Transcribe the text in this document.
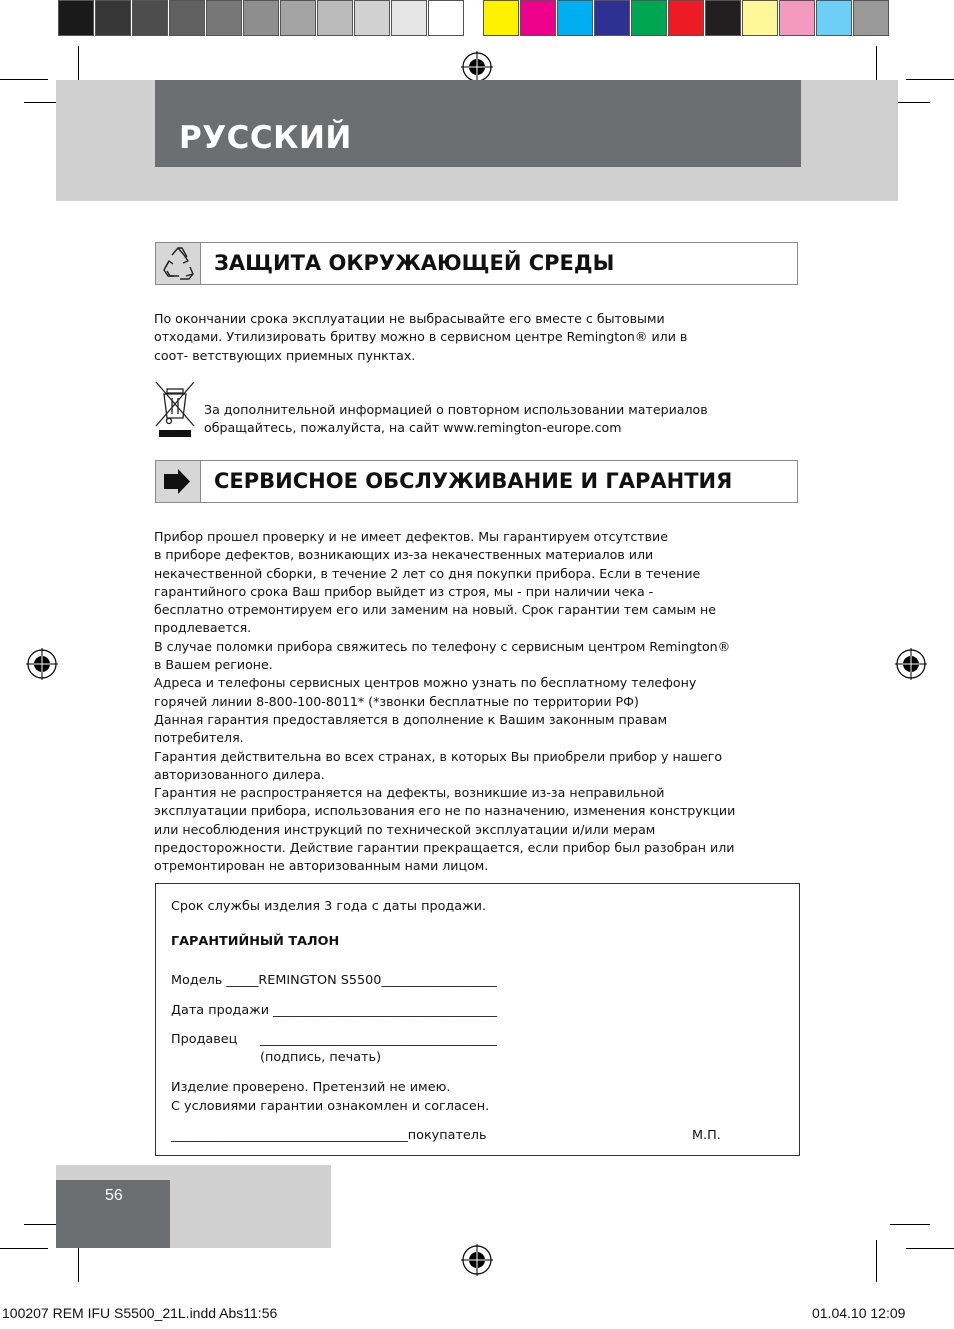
РУССКИЙ
ЗАЩИТА ОКРУЖАЮЩЕЙ СРЕДЫ
По окончании срока эксплуатации не выбрасывайте его вместе с бытовыми
отходами. Утилизировать бритву можно в сервисном центре Remington® или в
соот- ветствующих приемных пунктах.
За дополнительной информацией о повторном использовании материалов
обращайтесь, пожалуйста, на сайт www.remington-europe.com
СЕРВИСНОЕ ОБСЛУЖИВАНИЕ И ГАРАНТИЯ
Прибор прошел проверку и не имеет дефектов. Мы гарантируем отсутствие
в приборе дефектов, возникающих из-за некачественных материалов или
некачественной сборки, в течение 2 лет со дня покупки прибора. Если в течение
гарантийного срока Ваш прибор выйдет из строя, мы - при наличии чека -
бесплатно отремонтируем его или заменим на новый. Срок гарантии тем самым не
продлевается.
В случае поломки прибора свяжитесь по телефону с сервисным центром Remington®
в Вашем регионе.
Адреса и телефоны сервисных центров можно узнать по бесплатному телефону
горячей линии 8-800-100-8011* (*звонки бесплатные по территории РФ)
Данная гарантия предоставляется в дополнение к Вашим законным правам
потребителя.
Гарантия действительна во всех странах, в которых Вы приобрели прибор у нашего
авторизованного дилера.
Гарантия не распространяется на дефекты, возникшие из-за неправильной
эксплуатации прибора, использования его не по назначению, изменения конструкции
или несоблюдения инструкций по технической эксплуатации и/или мерам
предосторожности. Действие гарантии прекращается, если прибор был разобран или
отремонтирован не авторизованным нами лицом.
Срок службы изделия 3 года с даты продажи.
ГАРАНТИЙНЫЙ ТАЛОН
Модель _____REMINGTON S5500__________________
Дата продажи ___________________________________
Продавец _____________________________________
(подпись, печать)
Изделие проверено. Претензий не имею.
С условиями гарантии ознакомлен и согласен.
_____________________________________покупатель	М.П.
56
100207 REM IFU S5500_21L.indd Abs11:56	01.04.10 12:09
